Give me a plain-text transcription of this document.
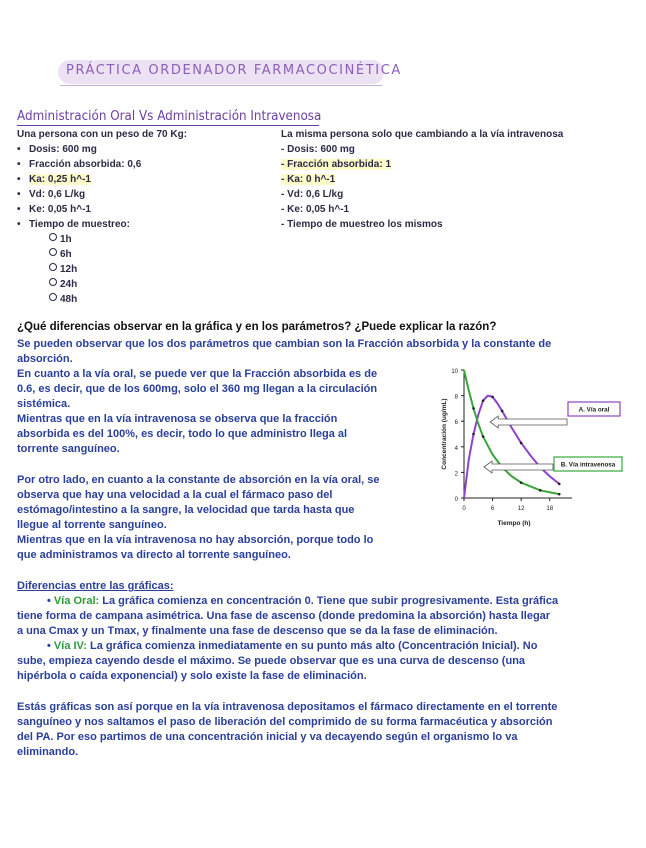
PRÁCTICA ORDENADOR FARMACOCINÉTICA
Administración Oral Vs Administración Intravenosa
Una persona con un peso de 70 Kg:
• Dosis: 600 mg
• Fracción absorbida: 0,6
• Ka: 0,25 h^-1
• Vd: 0,6 L/kg
• Ke: 0,05 h^-1
• Tiempo de muestreo:
1h
6h
12h
24h
48h
La misma persona solo que cambiando a la vía intravenosa
- Dosis: 600 mg
- Fracción absorbida: 1
- Ka: 0 h^-1
- Vd: 0,6 L/kg
- Ke: 0,05 h^-1
- Tiempo de muestreo los mismos
¿Qué diferencias observar en la gráfica y en los parámetros? ¿Puede explicar la razón?
Se pueden observar que los dos parámetros que cambian son la Fracción absorbida y la constante de
absorción.
En cuanto a la vía oral, se puede ver que la Fracción absorbida es de
0.6, es decir, que de los 600mg, solo el 360 mg llegan a la circulación
sistémica.
Mientras que en la vía intravenosa se observa que la fracción
absorbida es del 100%, es decir, todo lo que administro llega al
torrente sanguíneo.
Por otro lado, en cuanto a la constante de absorción en la vía oral, se
observa que hay una velocidad a la cual el fármaco paso del
estómago/intestino a la sangre, la velocidad que tarda hasta que
llegue al torrente sanguíneo.
Mientras que en la vía intravenosa no hay absorción, porque todo lo
que administramos va directo al torrente sanguíneo.
0
2
4
6
8
10
0	6	12	18
Tiempo (h)
Concentración (ug/mL)	A. Vía oral
B. Vía intravenosa
Diferencias entre las gráficas:
• Vía Oral: La gráfica comienza en concentración 0. Tiene que subir progresivamente. Esta gráfica
tiene forma de campana asimétrica. Una fase de ascenso (donde predomina la absorción) hasta llegar
a una Cmax y un Tmax, y finalmente una fase de descenso que se da la fase de eliminación.
• Vía IV: La gráfica comienza inmediatamente en su punto más alto (Concentración Inicial). No
sube, empieza cayendo desde el máximo. Se puede observar que es una curva de descenso (una
hipérbola o caída exponencial) y solo existe la fase de eliminación.
Estás gráficas son así porque en la vía intravenosa depositamos el fármaco directamente en el torrente
sanguíneo y nos saltamos el paso de liberación del comprimido de su forma farmacéutica y absorción
del PA. Por eso partimos de una concentración inicial y va decayendo según el organismo lo va
eliminando.
